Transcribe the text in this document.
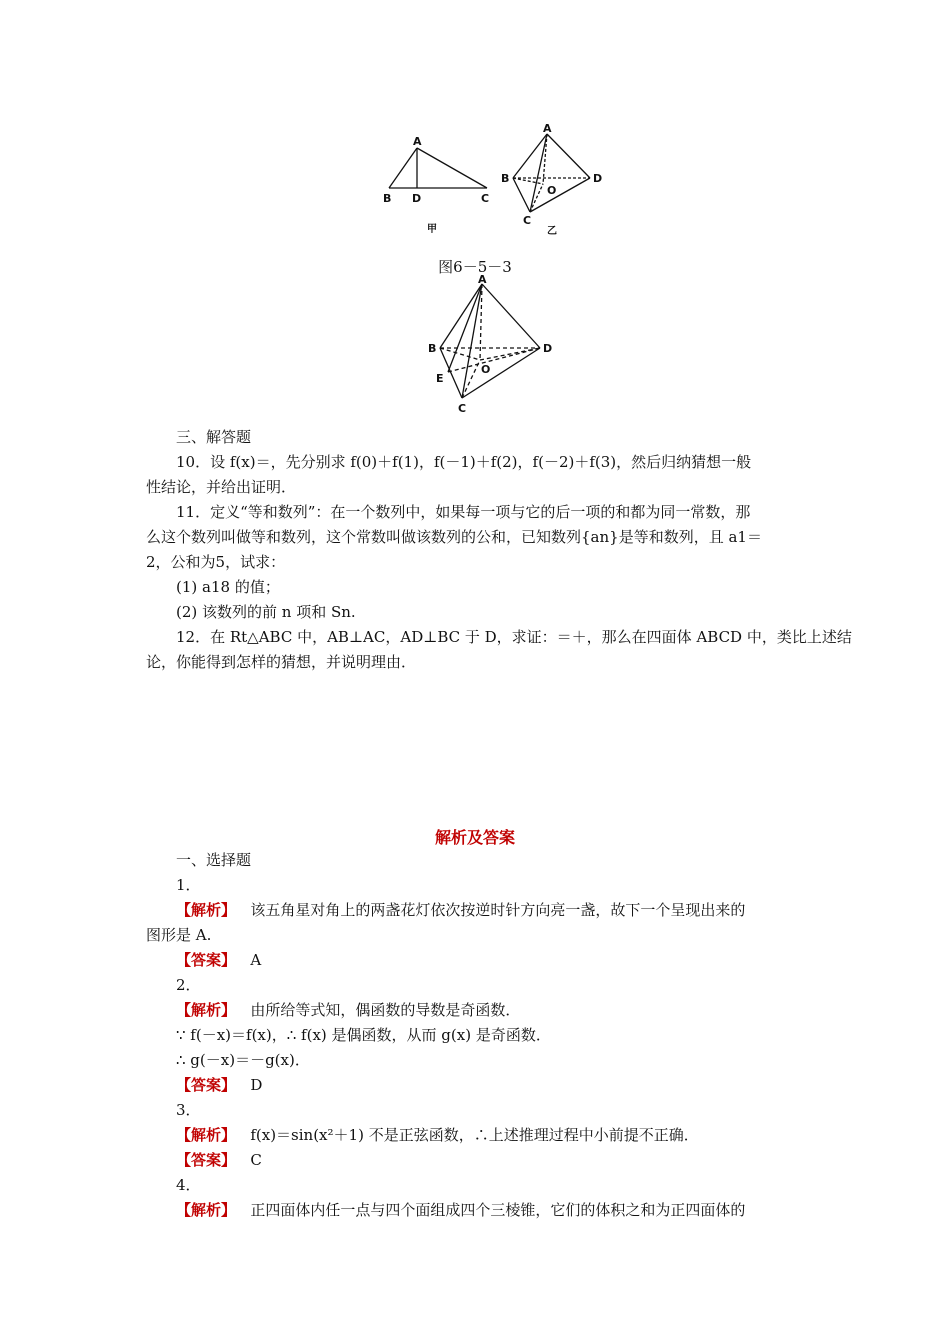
A
B D	C
甲
A
B	D
O
C
乙
图6－5－3
A
B	D
E
O
C
三、解答题
10．设 f(x)＝，先分别求 f(0)＋f(1)，f(－1)＋f(2)，f(－2)＋f(3)，然后归纳猜想一般
性结论，并给出证明．
11．定义“等和数列”：在一个数列中，如果每一项与它的后一项的和都为同一常数，那
么这个数列叫做等和数列，这个常数叫做该数列的公和，已知数列{an}是等和数列，且 a1＝
2，公和为5，试求：
(1) a18 的值；
(2) 该数列的前 n 项和 Sn.
12．在 Rt△ABC 中，AB⊥AC，AD⊥BC 于 D，求证：＝＋，那么在四面体 ABCD 中，类比上述结
论，你能得到怎样的猜想，并说明理由．
解析及答案
一、选择题
1．
【解析】 该五角星对角上的两盏花灯依次按逆时针方向亮一盏，故下一个呈现出来的
图形是 A.
【答案】 A
2．
【解析】 由所给等式知，偶函数的导数是奇函数．
∵ f(－x)＝f(x)，∴ f(x) 是偶函数，从而 g(x) 是奇函数．
∴ g(－x)＝－g(x)．
【答案】 D
3．
【解析】 f(x)＝sin(x²＋1) 不是正弦函数，∴上述推理过程中小前提不正确．
【答案】 C
4．
【解析】 正四面体内任一点与四个面组成四个三棱锥，它们的体积之和为正四面体的
